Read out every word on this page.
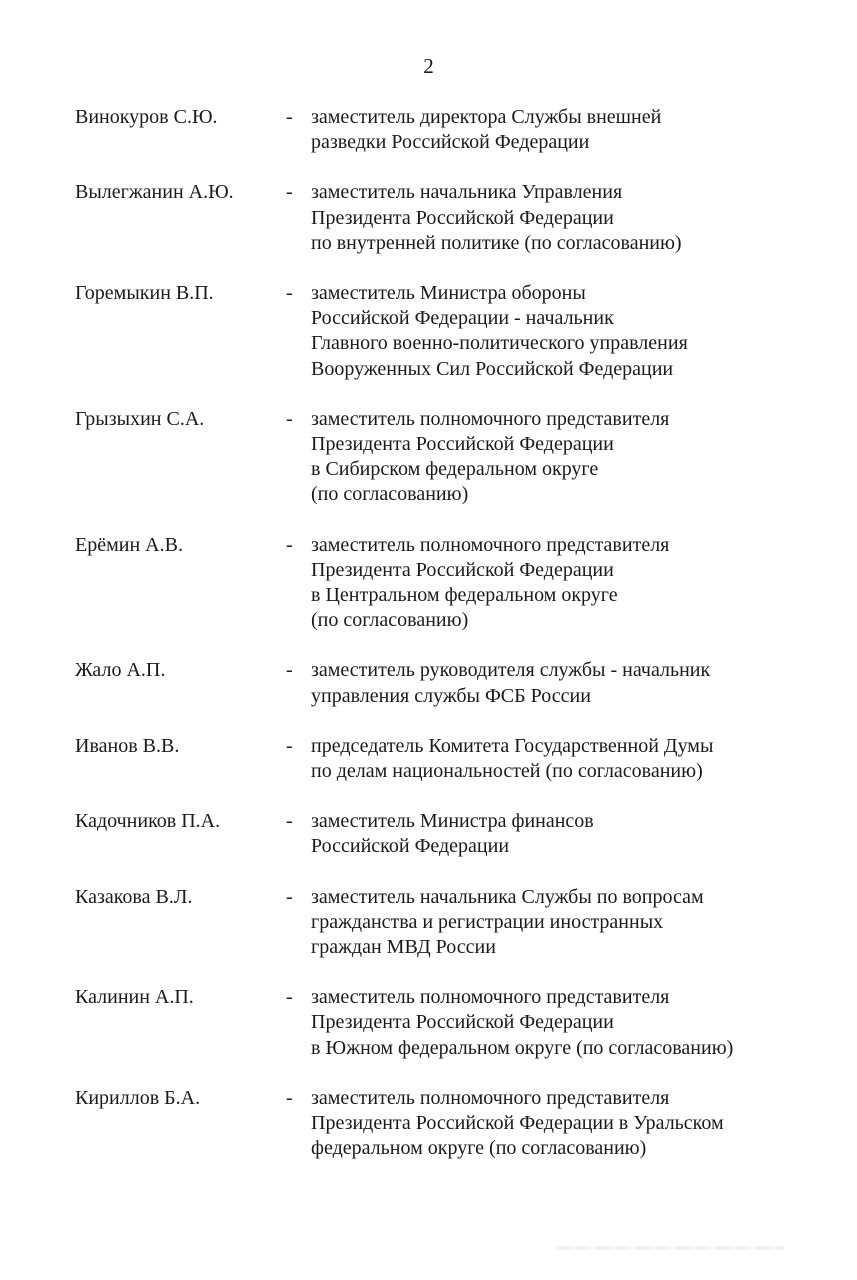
2
Винокуров С.Ю.	- заместитель директора Службы внешней
разведки Российской Федерации
Вылегжанин А.Ю.	- заместитель начальника Управления
Президента Российской Федерации
по внутренней политике (по согласованию)
Горемыкин В.П.	- заместитель Министра обороны
Российской Федерации - начальник
Главного военно-политического управления
Вооруженных Сил Российской Федерации
Грызыхин С.А.	- заместитель полномочного представителя
Президента Российской Федерации
в Сибирском федеральном округе
(по согласованию)
Ерёмин А.В.	- заместитель полномочного представителя
Президента Российской Федерации
в Центральном федеральном округе
(по согласованию)
Жало А.П.	- заместитель руководителя службы - начальник
управления службы ФСБ России
Иванов В.В.	- председатель Комитета Государственной Думы
по делам национальностей (по согласованию)
Кадочников П.А.	- заместитель Министра финансов
Российской Федерации
Казакова В.Л.	- заместитель начальника Службы по вопросам
гражданства и регистрации иностранных
граждан МВД России
Калинин А.П.	- заместитель полномочного представителя
Президента Российской Федерации
в Южном федеральном округе (по согласованию)
Кириллов Б.А.	- заместитель полномочного представителя
Президента Российской Федерации в Уральском
федеральном округе (по согласованию)
